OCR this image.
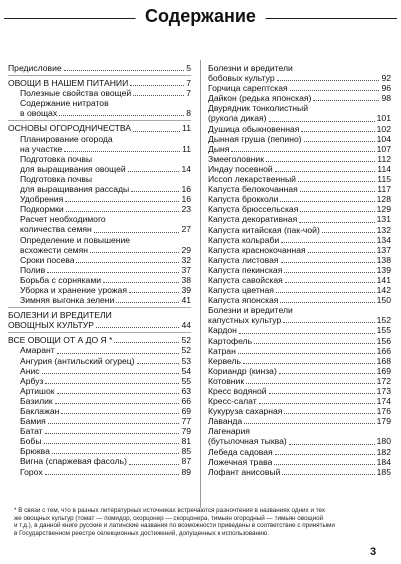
Содержание
Предисловие	5
ОВОЩИ В НАШЕМ ПИТАНИИ	7
Полезные свойства овощей	7
Содержание нитратов
в овощах	8
ОСНОВЫ ОГОРОДНИЧЕСТВА	11
Планирование огорода
на участке	11
Подготовка почвы
для выращивания овощей	14
Подготовка почвы
для выращивания рассады	16
Удобрения	16
Подкормки	23
Расчет необходимого
количества семян	27
Определение и повышение
всхожести семян	29
Сроки посева	32
Полив	37
Борьба с сорняками	38
Уборка и хранение урожая	39
Зимняя выгонка зелени	41
БОЛЕЗНИ И ВРЕДИТЕЛИ
ОВОЩНЫХ КУЛЬТУР	44
ВСЕ ОВОЩИ ОТ А ДО Я *	52
Амарант	52
Ангурия (антильский огурец)	53
Анис	54
Арбуз	55
Артишок	63
Базилик	66
Баклажан	69
Бамия	77
Батат	79
Бобы	81
Брюква	85
Вигна (спаржевая фасоль)	87
Горох	89
Болезни и вредители
бобовых культур	92
Горчица сарептская	96
Дайкон (редька японская)	98
Двурядник тонколистный
(рукола дикая)	101
Душица обыкновенная	102
Дынная груша (пепино)	104
Дыня	107
Змееголовник	112
Индау посевной	114
Иссоп лекарственный	115
Капуста белокочанная	117
Капуста брокколи	128
Капуста брюссельская	129
Капуста декоративная	131
Капуста китайская (пак-чой)	132
Капуста кольраби	134
Капуста краснокочанная	137
Капуста листовая	138
Капуста пекинская	139
Капуста савойская	141
Капуста цветная	142
Капуста японская	150
Болезни и вредители
капустных культур	152
Кардон	155
Картофель	156
Катран	166
Кервель	168
Кориандр (кинза)	169
Котовник	172
Кресс водяной	173
Кресс-салат	174
Кукуруза сахарная	176
Лаванда	179
Лагенария
(бутылочная тыква)	180
Лебеда садовая	182
Ложечная трава	184
Лофант анисовый	185
* В связи с тем, что в разных литературных источниках встречаются разночтения в названиях одних и тех
же овощных культур (томат — помидор, скорцонер — скорцонера, тимьян огородный — тимьян овощной
и т.д.), в данной книге русские и латинские названия по возможности приведены в соответствие с принятыми
в Государственном реестре селекционных достижений, допущенных к использованию.
3
